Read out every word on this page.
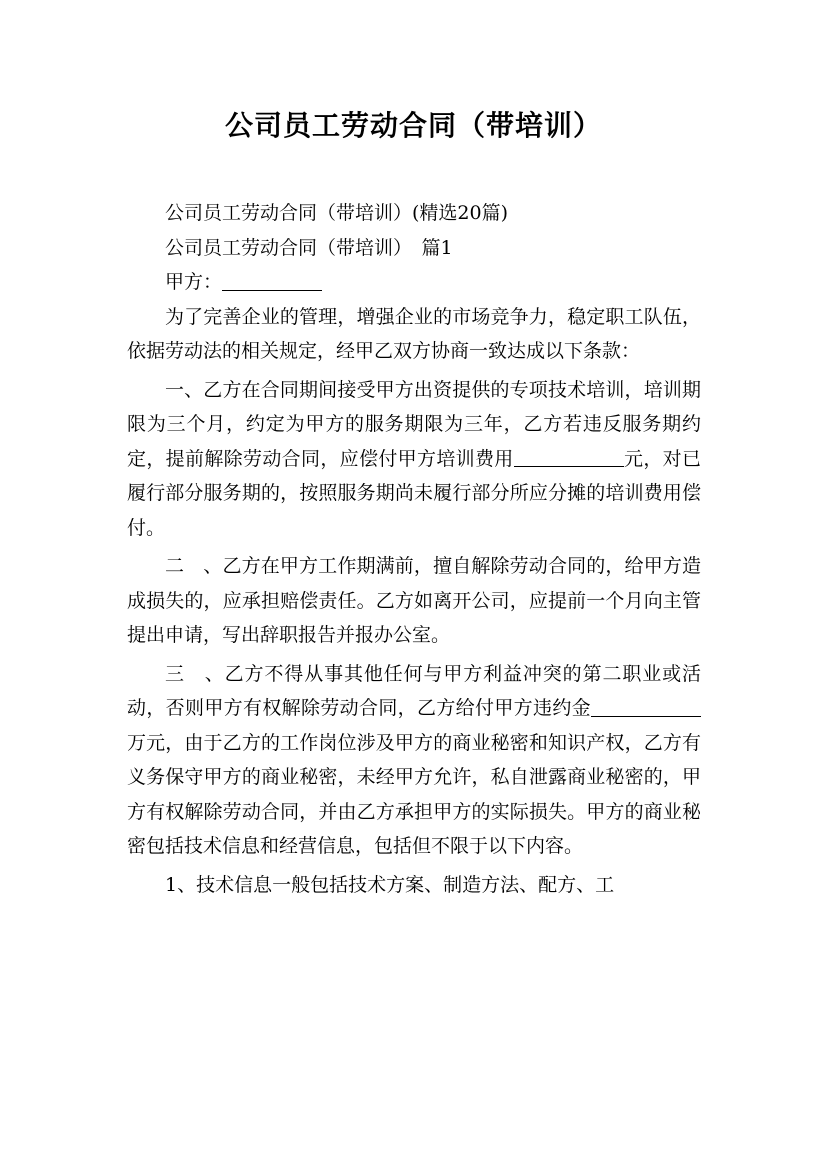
公司员工劳动合同（带培训）

公司员工劳动合同（带培训）(精选20篇)

公司员工劳动合同（带培训）　篇1

甲方：

为了完善企业的管理，增强企业的市场竞争力，稳定职工队伍，依据劳动法的相关规定，经甲乙双方协商一致达成以下条款：

一、乙方在合同期间接受甲方出资提供的专项技术培训，培训期限为三个月，约定为甲方的服务期限为三年，乙方若违反服务期约定，提前解除劳动合同，应偿付甲方培训费用	元，对已履行部分服务期的，按照服务期尚未履行部分所应分摊的培训费用偿付。

二　、乙方在甲方工作期满前，擅自解除劳动合同的，给甲方造成损失的，应承担赔偿责任。乙方如离开公司，应提前一个月向主管提出申请，写出辞职报告并报办公室。

三　、乙方不得从事其他任何与甲方利益冲突的第二职业或活动，否则甲方有权解除劳动合同，乙方给付甲方违约金万元，由于乙方的工作岗位涉及甲方的商业秘密和知识产权，乙方有义务保守甲方的商业秘密，未经甲方允许，私自泄露商业秘密的，甲方有权解除劳动合同，并由乙方承担甲方的实际损失。甲方的商业秘密包括技术信息和经营信息，包括但不限于以下内容。

1、技术信息一般包括技术方案、制造方法、配方、工
